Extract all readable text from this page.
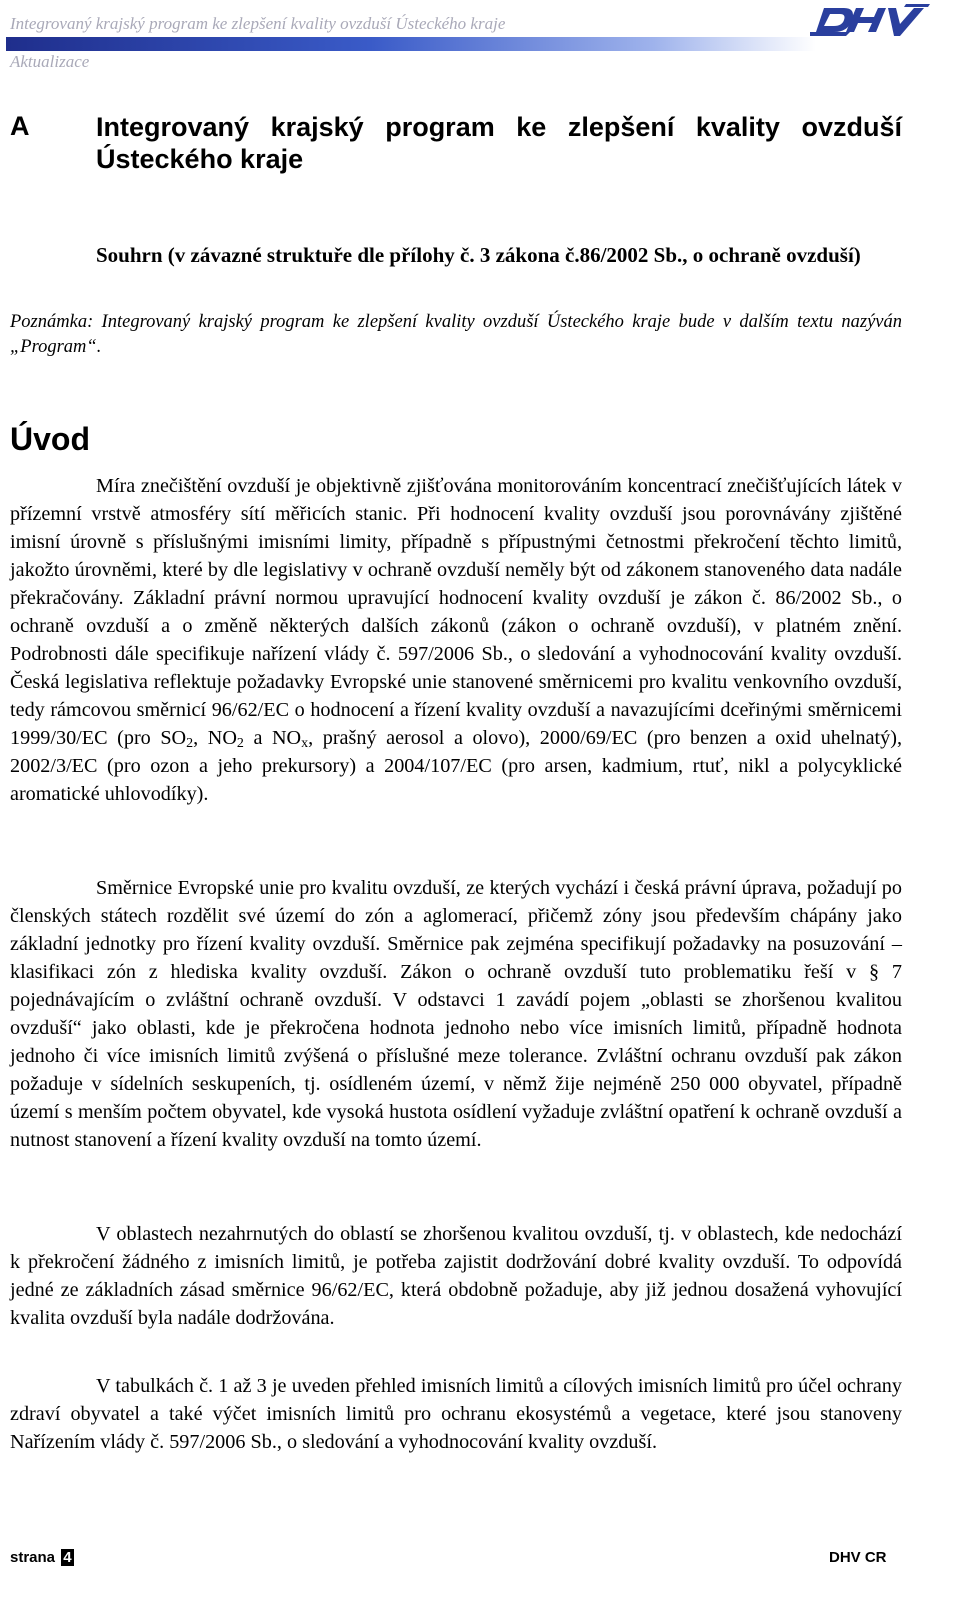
Integrovaný krajský program ke zlepšení kvality ovzduší Ústeckého kraje
Aktualizace
A Integrovaný krajský program ke zlepšení kvality ovzduší Ústeckého kraje
Souhrn (v závazné struktuře dle přílohy č. 3 zákona č.86/2002 Sb., o ochraně ovzduší)
Poznámka: Integrovaný krajský program ke zlepšení kvality ovzduší Ústeckého kraje bude v dalším textu nazýván „Program“.
Úvod

Míra znečištění ovzduší je objektivně zjišťována monitorováním koncentrací znečišťujících látek v přízemní vrstvě atmosféry sítí měřicích stanic. Při hodnocení kvality ovzduší jsou porovnávány zjištěné imisní úrovně s příslušnými imisními limity, případně s přípustnými četnostmi překročení těchto limitů, jakožto úrovněmi, které by dle legislativy v ochraně ovzduší neměly být od zákonem stanoveného data nadále překračovány. Základní právní normou upravující hodnocení kvality ovzduší je zákon č. 86/2002 Sb., o ochraně ovzduší a o změně některých dalších zákonů (zákon o ochraně ovzduší), v platném znění. Podrobnosti dále specifikuje nařízení vlády č. 597/2006 Sb., o sledování a vyhodnocování kvality ovzduší. Česká legislativa reflektuje požadavky Evropské unie stanovené směrnicemi pro kvalitu venkovního ovzduší, tedy rámcovou směrnicí 96/62/EC o hodnocení a řízení kvality ovzduší a navazujícími dceřinými směrnicemi 1999/30/EC (pro $SO_2$, $NO_2$ a $NO_x$, prašný aerosol a olovo), 2000/69/EC (pro benzen a oxid uhelnatý), 2002/3/EC (pro ozon a jeho prekursory) a 2004/107/EC (pro arsen, kadmium, rtuť, nikl a polycyklické aromatické uhlovodíky).

Směrnice Evropské unie pro kvalitu ovzduší, ze kterých vychází i česká právní úprava, požadují po členských státech rozdělit své území do zón a aglomerací, přičemž zóny jsou především chápány jako základní jednotky pro řízení kvality ovzduší. Směrnice pak zejména specifikují požadavky na posuzování – klasifikaci zón z hlediska kvality ovzduší. Zákon o ochraně ovzduší tuto problematiku řeší v § 7 pojednávajícím o zvláštní ochraně ovzduší. V odstavci 1 zavádí pojem „oblasti se zhoršenou kvalitou ovzduší“ jako oblasti, kde je překročena hodnota jednoho nebo více imisních limitů, případně hodnota jednoho či více imisních limitů zvýšená o příslušné meze tolerance. Zvláštní ochranu ovzduší pak zákon požaduje v sídelních seskupeních, tj. osídleném území, v němž žije nejméně 250 000 obyvatel, případně území s menším počtem obyvatel, kde vysoká hustota osídlení vyžaduje zvláštní opatření k ochraně ovzduší a nutnost stanovení a řízení kvality ovzduší na tomto území.

V oblastech nezahrnutých do oblastí se zhoršenou kvalitou ovzduší, tj. v oblastech, kde nedochází k překročení žádného z imisních limitů, je potřeba zajistit dodržování dobré kvality ovzduší. To odpovídá jedné ze základních zásad směrnice 96/62/EC, která obdobně požaduje, aby již jednou dosažená vyhovující kvalita ovzduší byla nadále dodržována.

V tabulkách č. 1 až 3 je uveden přehled imisních limitů a cílových imisních limitů pro účel ochrany zdraví obyvatel a také výčet imisních limitů pro ochranu ekosystémů a vegetace, které jsou stanoveny Nařízením vlády č. 597/2006 Sb., o sledování a vyhodnocování kvality ovzduší.

strana 4	DHV CR
